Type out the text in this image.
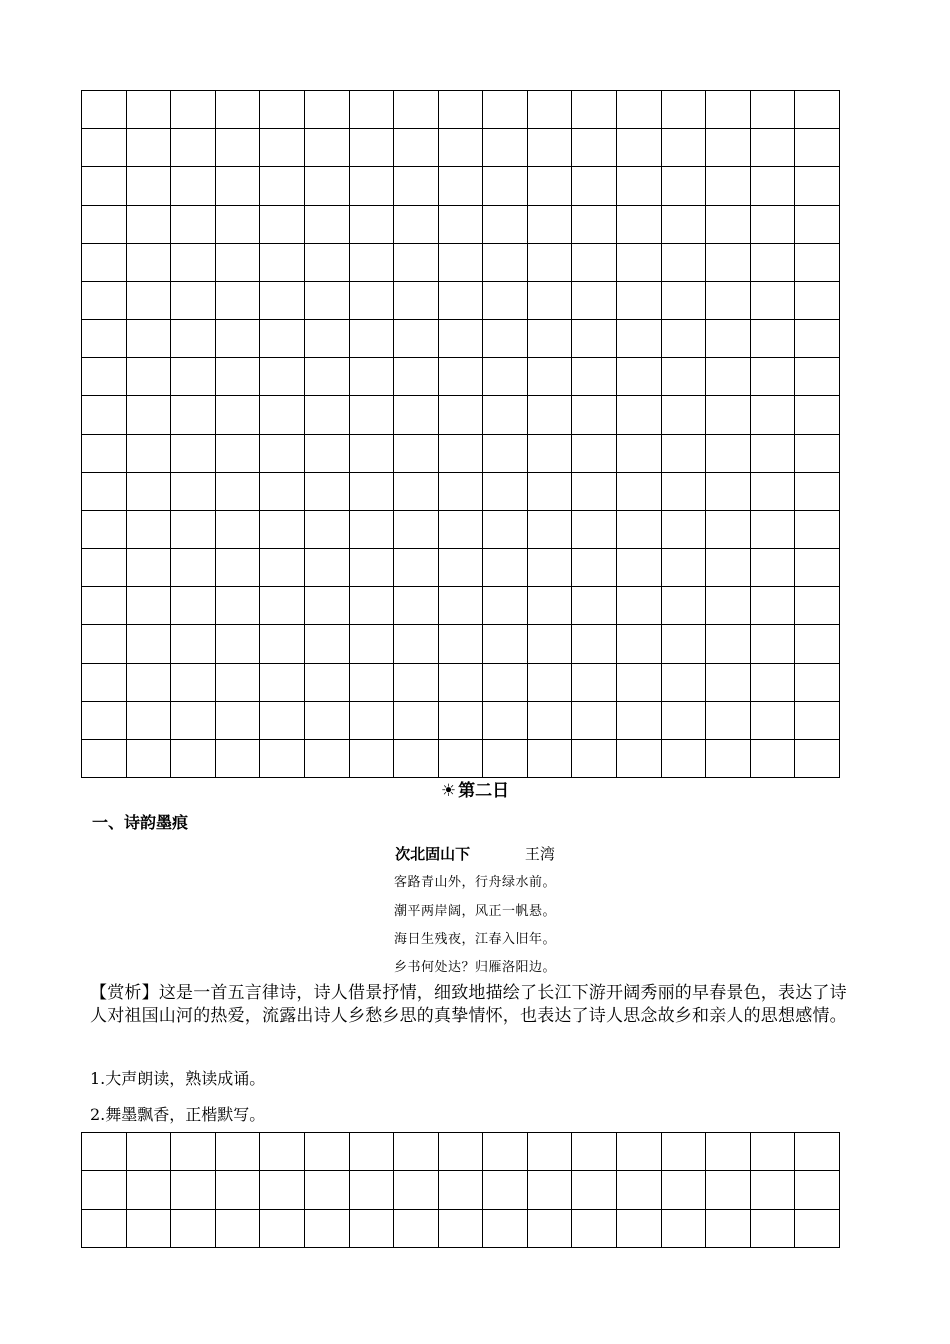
☀ 第二日
一、诗韵墨痕
次北固山下	王湾
客路青山外，行舟绿水前。
潮平两岸阔，风正一帆悬。
海日生残夜，江春入旧年。
乡书何处达？归雁洛阳边。
【赏析】这是一首五言律诗，诗人借景抒情，细致地描绘了长江下游开阔秀丽的早春景色，表达了诗人对祖国山河的热爱，流露出诗人乡愁乡思的真挚情怀，也表达了诗人思念故乡和亲人的思想感情。
1.大声朗读，熟读成诵。
2.舞墨飘香，正楷默写。
